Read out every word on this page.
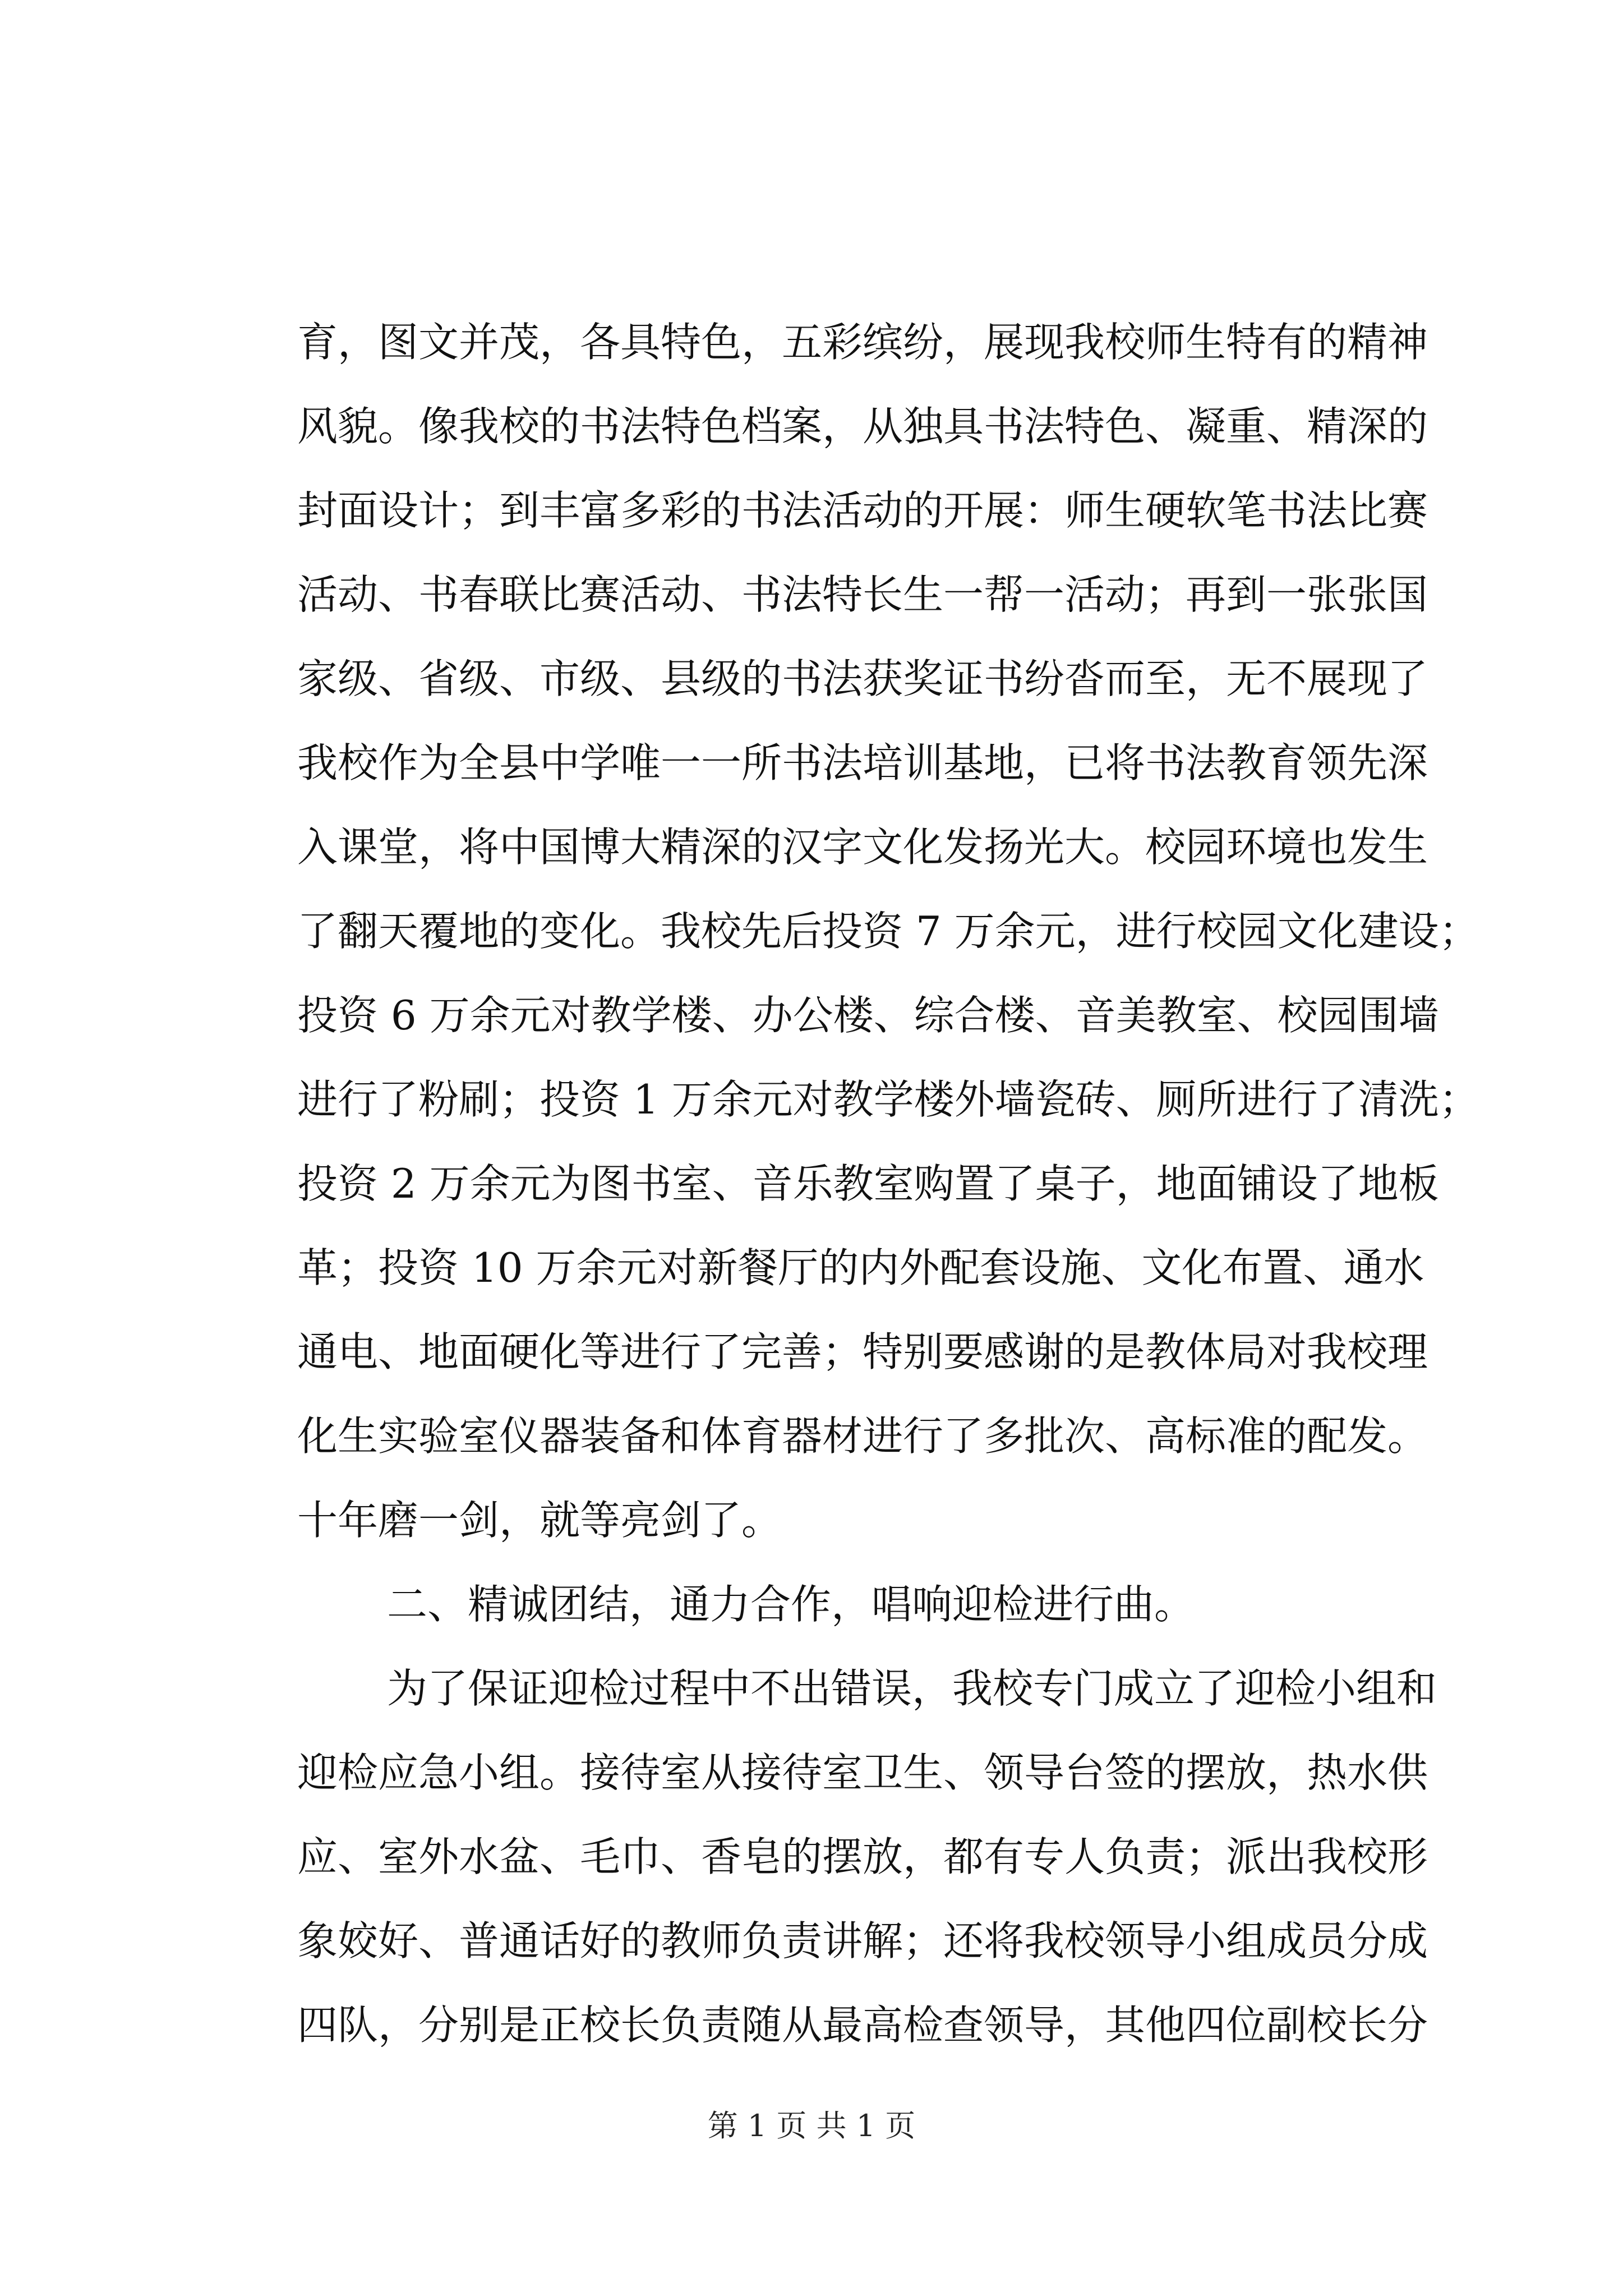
育，图文并茂，各具特色，五彩缤纷，展现我校师生特有的精神
风貌。像我校的书法特色档案，从独具书法特色、凝重、精深的
封面设计；到丰富多彩的书法活动的开展：师生硬软笔书法比赛
活动、书春联比赛活动、书法特长生一帮一活动；再到一张张国
家级、省级、市级、县级的书法获奖证书纷沓而至，无不展现了
我校作为全县中学唯一一所书法培训基地，已将书法教育领先深
入课堂，将中国博大精深的汉字文化发扬光大。校园环境也发生
了翻天覆地的变化。我校先后投资 7 万余元，进行校园文化建设；
投资 6 万余元对教学楼、办公楼、综合楼、音美教室、校园围墙
进行了粉刷；投资 1 万余元对教学楼外墙瓷砖、厕所进行了清洗；
投资 2 万余元为图书室、音乐教室购置了桌子，地面铺设了地板
革；投资 10 万余元对新餐厅的内外配套设施、文化布置、通水
通电、地面硬化等进行了完善；特别要感谢的是教体局对我校理
化生实验室仪器装备和体育器材进行了多批次、高标准的配发。
十年磨一剑，就等亮剑了。
二、精诚团结，通力合作，唱响迎检进行曲。
为了保证迎检过程中不出错误，我校专门成立了迎检小组和
迎检应急小组。接待室从接待室卫生、领导台签的摆放，热水供
应、室外水盆、毛巾、香皂的摆放，都有专人负责；派出我校形
象姣好、普通话好的教师负责讲解；还将我校领导小组成员分成
四队，分别是正校长负责随从最高检查领导，其他四位副校长分
第 1 页 共 1 页
